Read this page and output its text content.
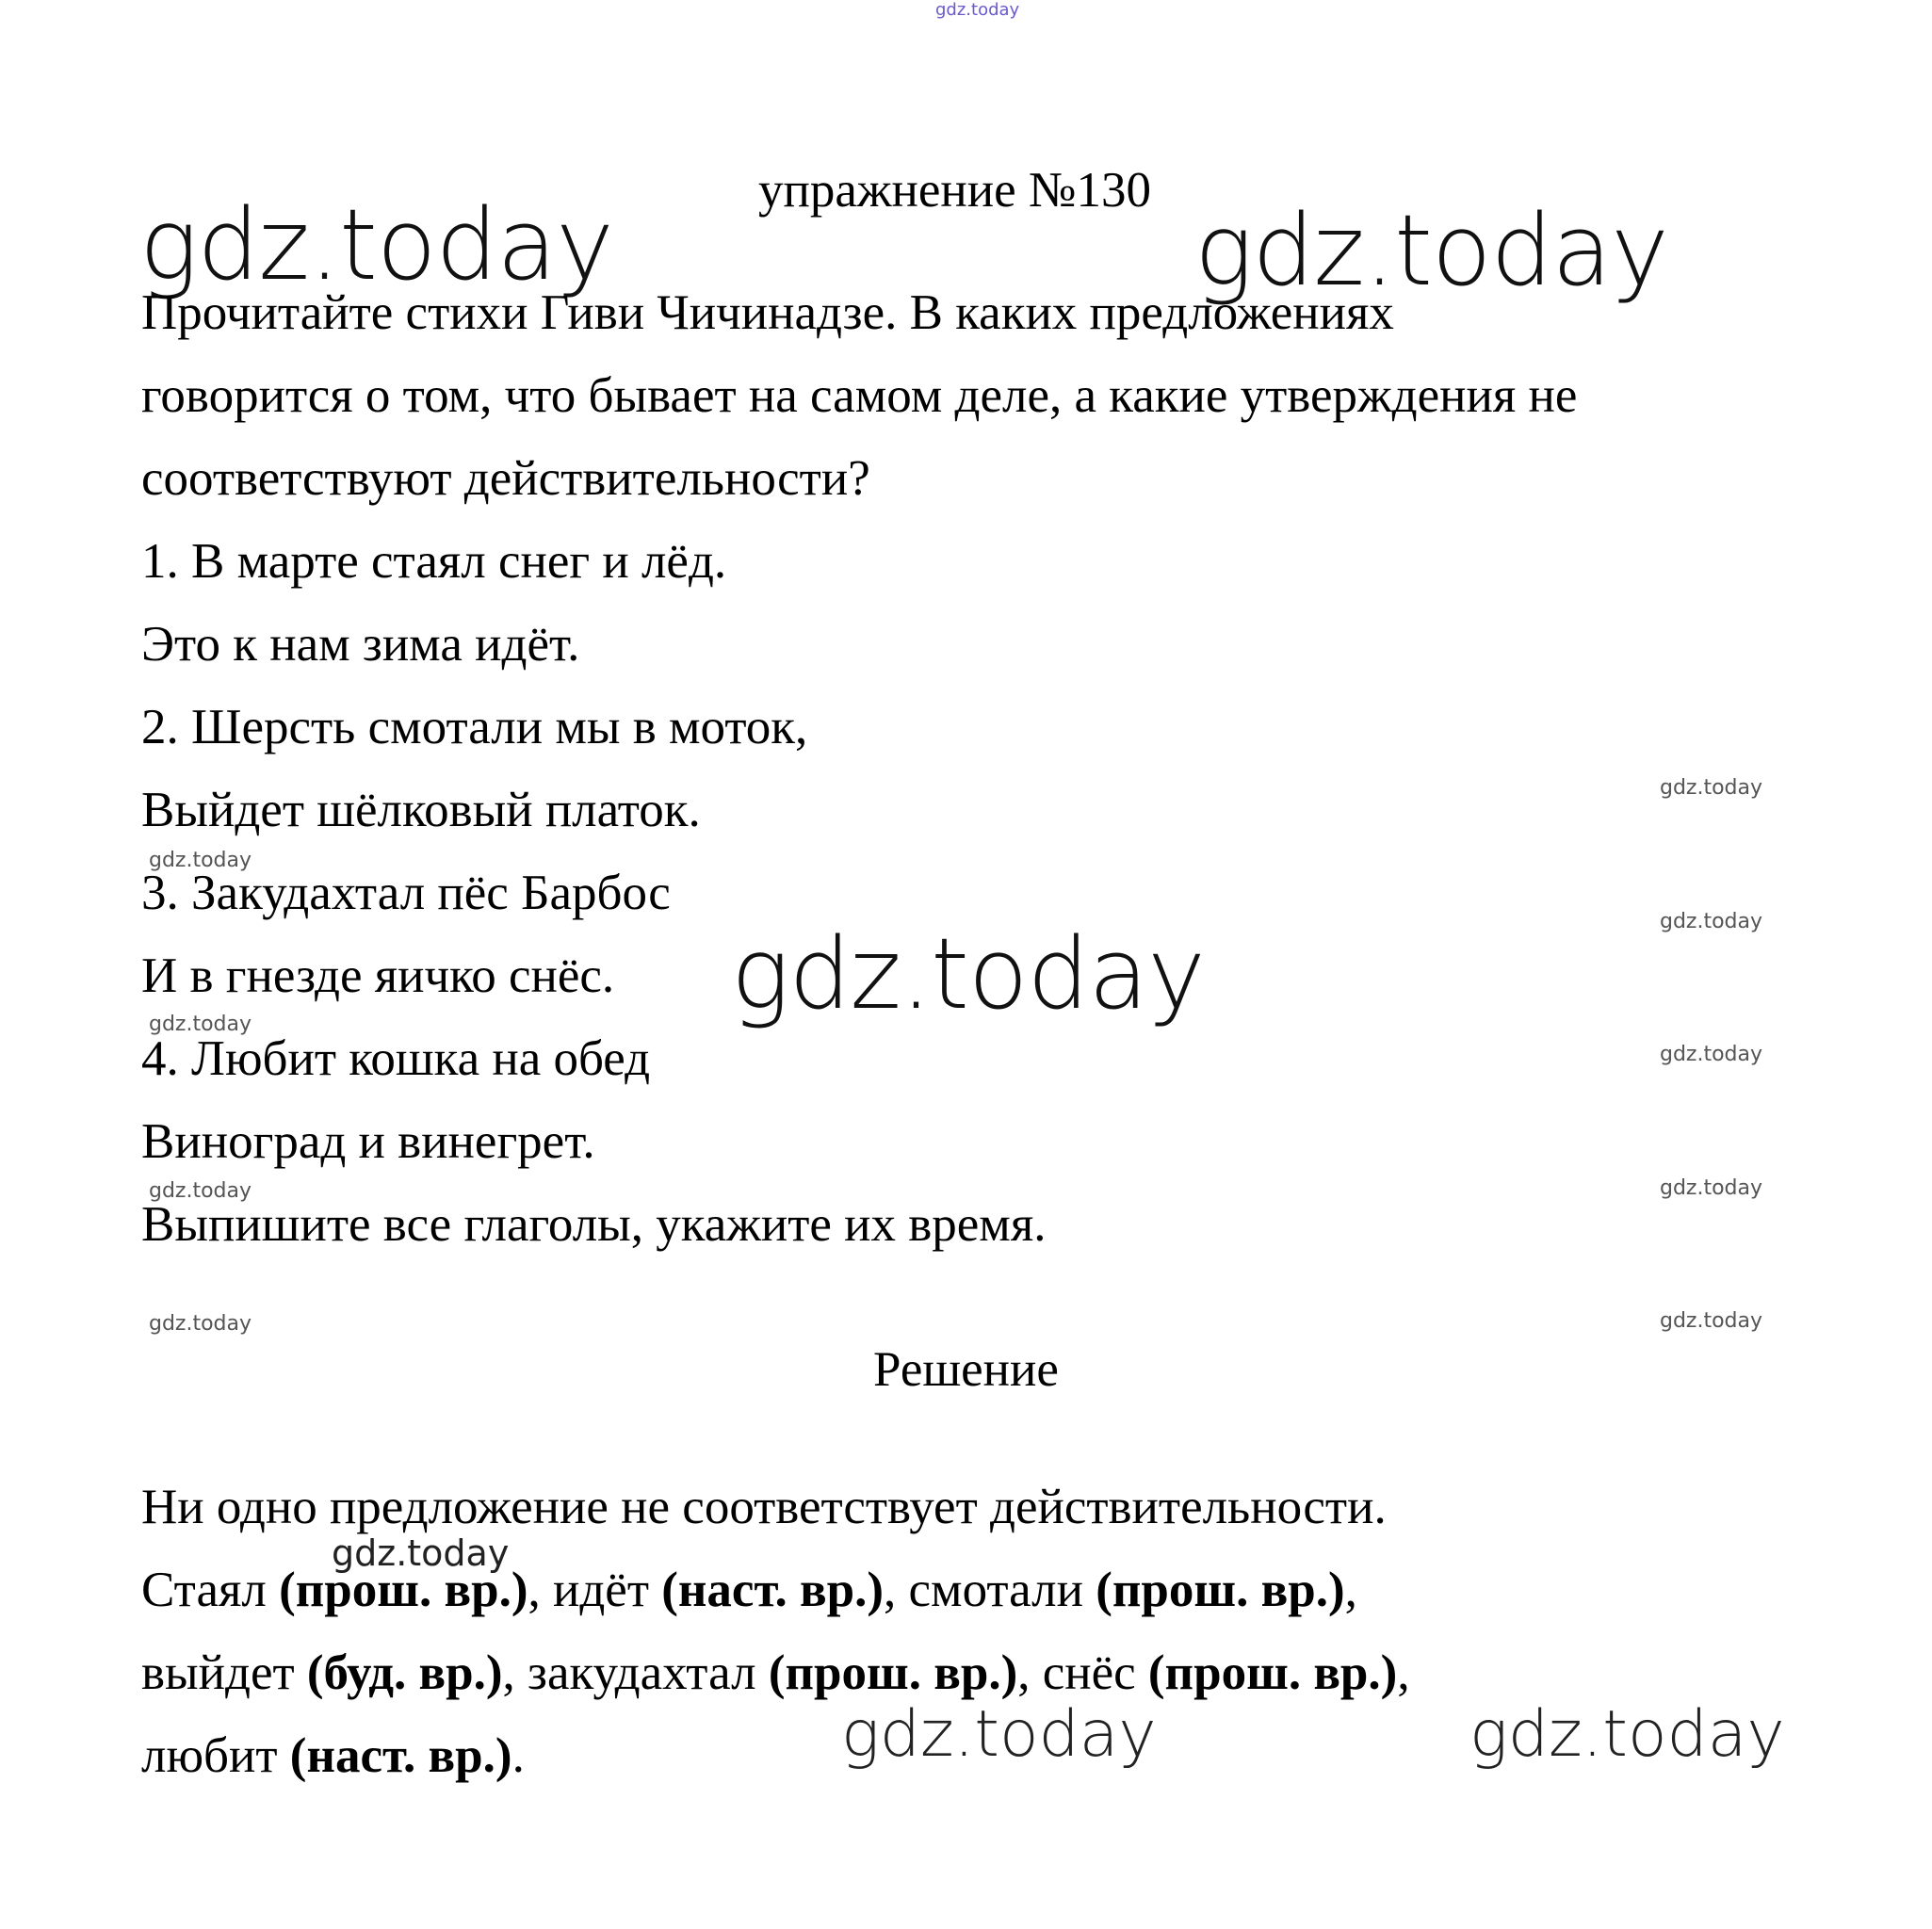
gdz.today
gdz.today	gdz.today
gdz.today
gdz.today
gdz.today
gdz.today
gdz.today
gdz.today
gdz.today	gdz.today
gdz.today	gdz.today
gdz.today
gdz.today	gdz.today

упражнение №130

Прочитайте стихи Гиви Чичинадзе. В каких предложениях

говорится о том, что бывает на самом деле, а какие утверждения не

соответствуют действительности?

1. В марте стаял снег и лёд.

Это к нам зима идёт.

2. Шерсть смотали мы в моток,

Выйдет шёлковый платок.

3. Закудахтал пёс Барбос

И в гнезде яичко снёс.

4. Любит кошка на обед

Виноград и винегрет.

Выпишите все глаголы, укажите их время.

Решение

Ни одно предложение не соответствует действительности.

Стаял (прош. вр.), идёт (наст. вр.), смотали (прош. вр.),

выйдет (буд. вр.), закудахтал (прош. вр.), снёс (прош. вр.),

любит (наст. вр.).
